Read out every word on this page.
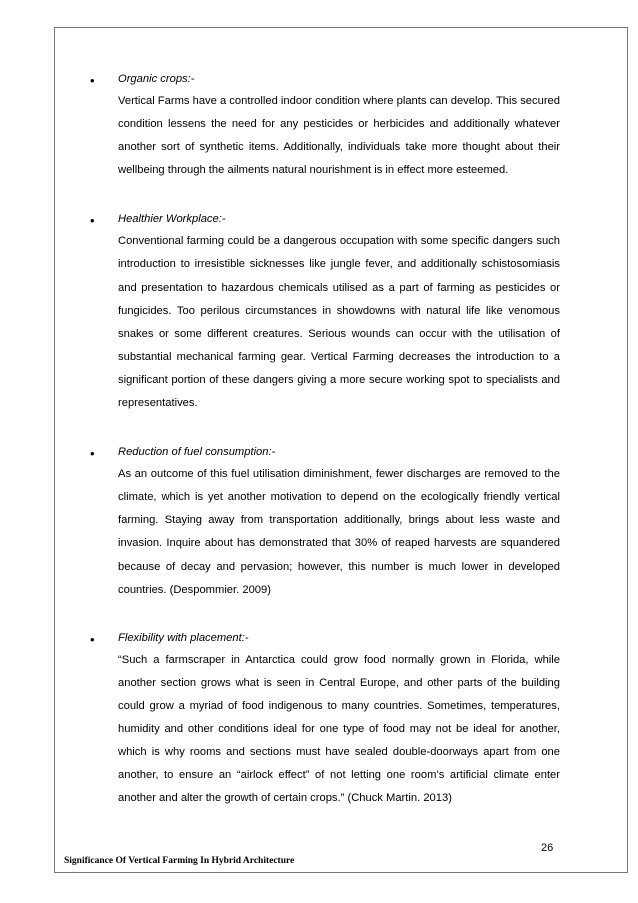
• Organic crops:-

Vertical Farms have a controlled indoor condition where plants can develop. This secured condition lessens the need for any pesticides or herbicides and additionally whatever another sort of synthetic items. Additionally, individuals take more thought about their wellbeing through the ailments natural nourishment is in effect more esteemed.

• Healthier Workplace:-

Conventional farming could be a dangerous occupation with some specific dangers such introduction to irresistible sicknesses like jungle fever, and additionally schistosomiasis and presentation to hazardous chemicals utilised as a part of farming as pesticides or fungicides. Too perilous circumstances in showdowns with natural life like venomous snakes or some different creatures. Serious wounds can occur with the utilisation of substantial mechanical farming gear. Vertical Farming decreases the introduction to a significant portion of these dangers giving a more secure working spot to specialists and representatives.

• Reduction of fuel consumption:-

As an outcome of this fuel utilisation diminishment, fewer discharges are removed to the climate, which is yet another motivation to depend on the ecologically friendly vertical farming. Staying away from transportation additionally, brings about less waste and invasion. Inquire about has demonstrated that 30% of reaped harvests are squandered because of decay and pervasion; however, this number is much lower in developed countries. (Despommier. 2009)

• Flexibility with placement:-

“Such a farmscraper in Antarctica could grow food normally grown in Florida, while another section grows what is seen in Central Europe, and other parts of the building could grow a myriad of food indigenous to many countries. Sometimes, temperatures, humidity and other conditions ideal for one type of food may not be ideal for another, which is why rooms and sections must have sealed double-doorways apart from one another, to ensure an “airlock effect” of not letting one room’s artificial climate enter another and alter the growth of certain crops.” (Chuck Martin. 2013)

26
Significance Of Vertical Farming In Hybrid Architecture
